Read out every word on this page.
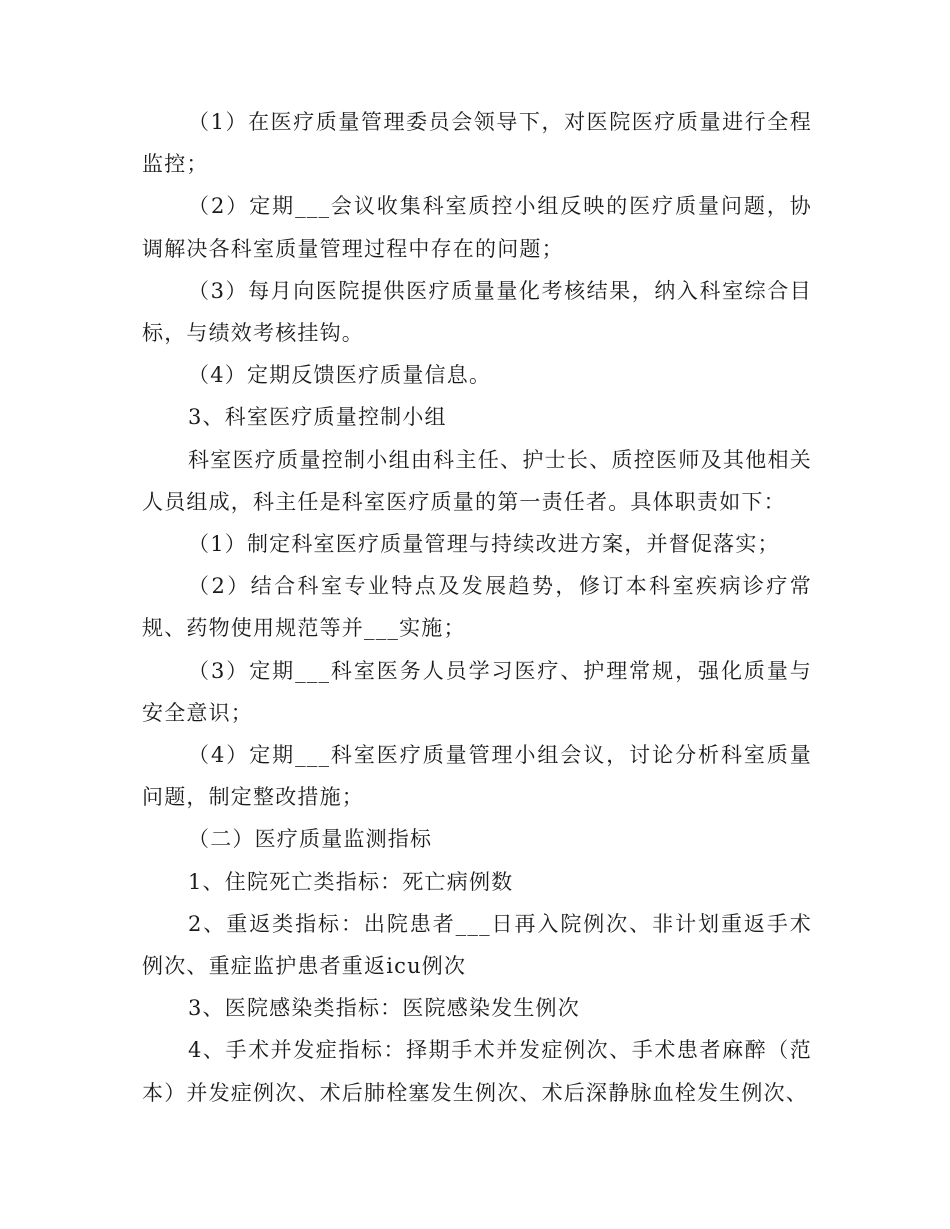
（1）在医疗质量管理委员会领导下，对医院医疗质量进行全程监控；

（2）定期___会议收集科室质控小组反映的医疗质量问题，协调解决各科室质量管理过程中存在的问题；

（3）每月向医院提供医疗质量量化考核结果，纳入科室综合目标，与绩效考核挂钩。

（4）定期反馈医疗质量信息。

3、科室医疗质量控制小组

科室医疗质量控制小组由科主任、护士长、质控医师及其他相关人员组成，科主任是科室医疗质量的第一责任者。具体职责如下：

（1）制定科室医疗质量管理与持续改进方案，并督促落实；

（2）结合科室专业特点及发展趋势，修订本科室疾病诊疗常规、药物使用规范等并___实施；

（3）定期___科室医务人员学习医疗、护理常规，强化质量与安全意识；

（4）定期___科室医疗质量管理小组会议，讨论分析科室质量问题，制定整改措施；

（二）医疗质量监测指标

1、住院死亡类指标：死亡病例数

2、重返类指标：出院患者___日再入院例次、非计划重返手术例次、重症监护患者重返icu例次

3、医院感染类指标：医院感染发生例次

4、手术并发症指标：择期手术并发症例次、手术患者麻醉（范本）并发症例次、术后肺栓塞发生例次、术后深静脉血栓发生例次、
